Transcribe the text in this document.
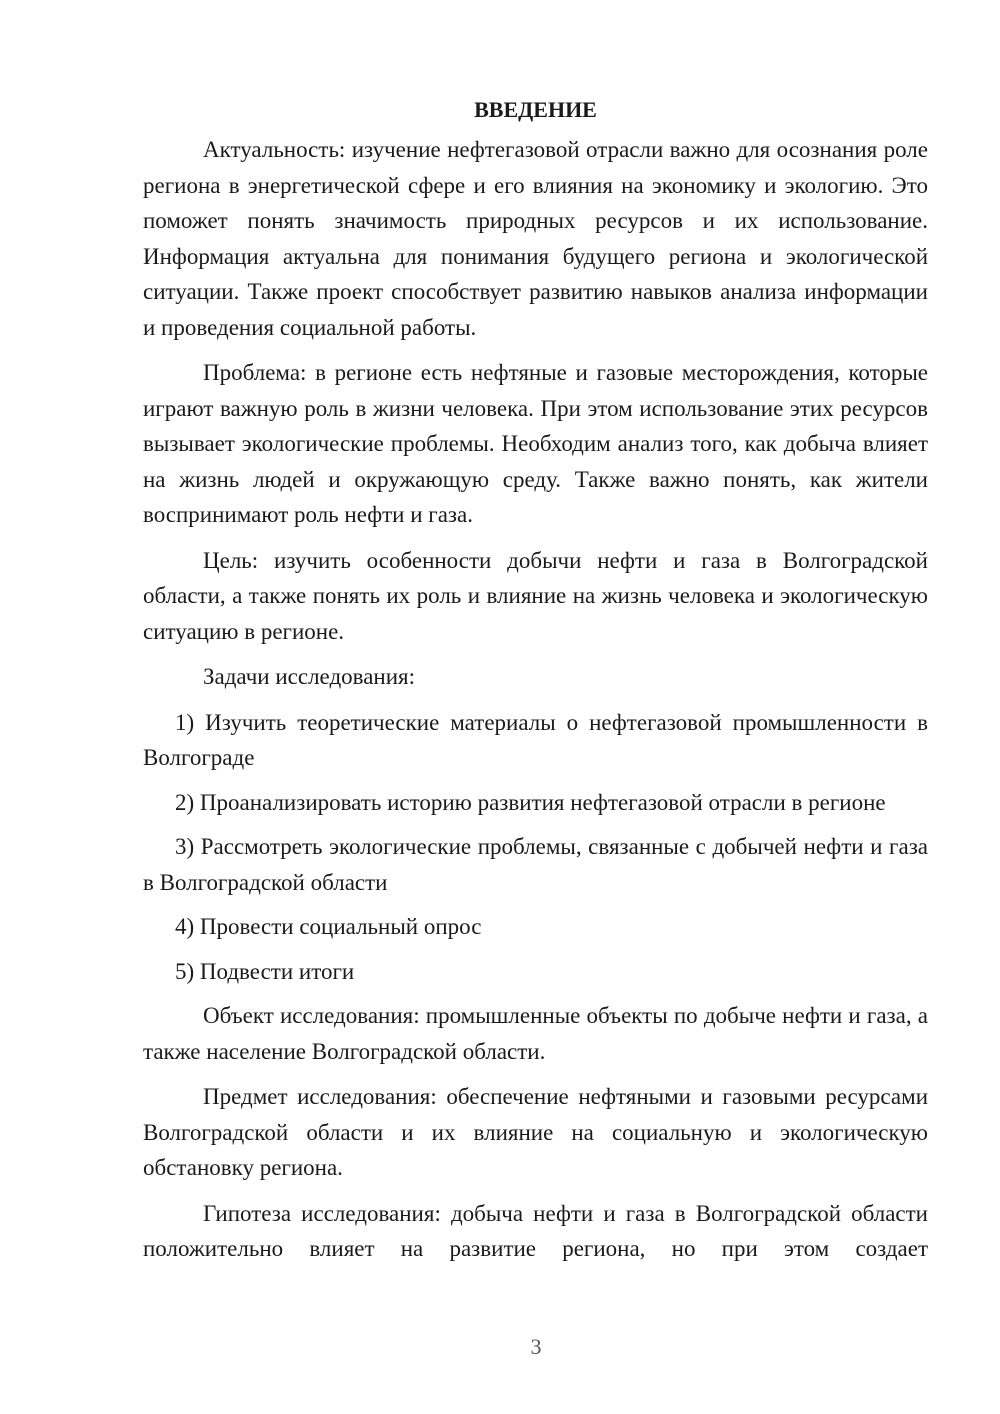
ВВЕДЕНИЕ

Актуальность: изучение нефтегазовой отрасли важно для осознания роле региона в энергетической сфере и его влияния на экономику и экологию. Это поможет понять значимость природных ресурсов и их использование. Информация актуальна для понимания будущего региона и экологической ситуации. Также проект способствует развитию навыков анализа информации и проведения социальной работы.

Проблема: в регионе есть нефтяные и газовые месторождения, которые играют важную роль в жизни человека. При этом использование этих ресурсов вызывает экологические проблемы. Необходим анализ того, как добыча влияет на жизнь людей и окружающую среду. Также важно понять, как жители воспринимают роль нефти и газа.

Цель: изучить особенности добычи нефти и газа в Волгоградской области, а также понять их роль и влияние на жизнь человека и экологическую ситуацию в регионе.

Задачи исследования:

1) Изучить теоретические материалы о нефтегазовой промышленности в Волгограде

2) Проанализировать историю развития нефтегазовой отрасли в регионе

3) Рассмотреть экологические проблемы, связанные с добычей нефти и газа в Волгоградской области

4) Провести социальный опрос

5) Подвести итоги

Объект исследования: промышленные объекты по добыче нефти и газа, а также население Волгоградской области.

Предмет исследования: обеспечение нефтяными и газовыми ресурсами Волгоградской области и их влияние на социальную и экологическую обстановку региона.

Гипотеза исследования: добыча нефти и газа в Волгоградской области положительно влияет на развитие региона, но при этом создает

3
